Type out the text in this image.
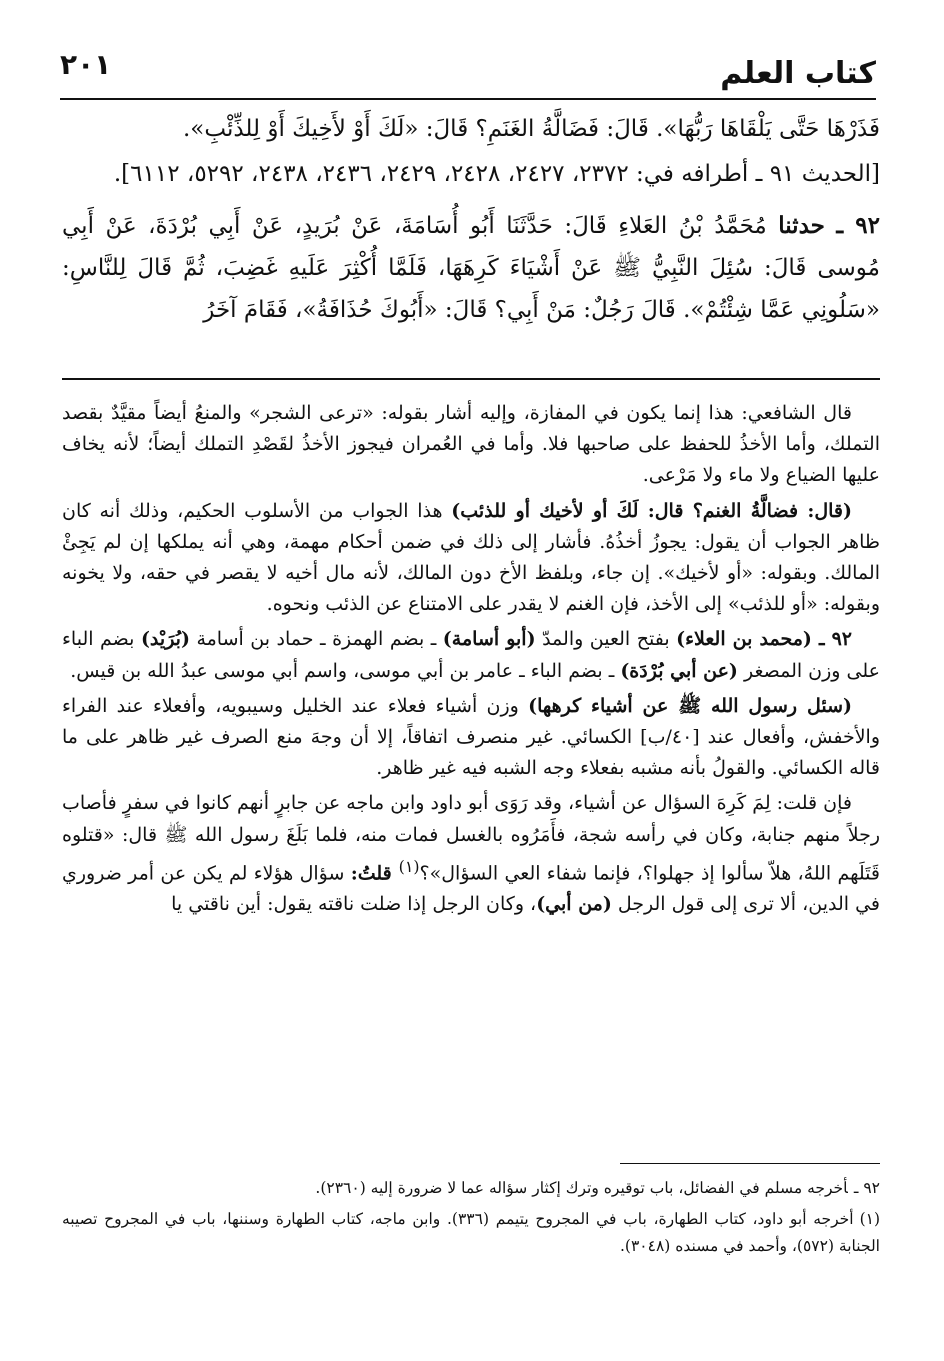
كتاب العلم
٢٠١

فَذَرْهَا حَتَّى يَلْقَاهَا رَبُّهَا». قَالَ: فَضَالَّةُ الغَنَمِ؟ قَالَ: «لَكَ أَوْ لأَخِيكَ أَوْ لِلذِّئْبِ».

[الحديث ٩١ ـ أطرافه في: ٢٣٧٢، ٢٤٢٧، ٢٤٢٨، ٢٤٢٩، ٢٤٣٦، ٢٤٣٨، ٥٢٩٢، ٦١١٢].

٩٢ ـ حدثنا مُحَمَّدُ بْنُ العَلاءِ قَالَ: حَدَّثَنَا أَبُو أُسَامَةَ، عَنْ بُرَيدٍ، عَنْ أَبِي بُرْدَةَ، عَنْ أَبِي مُوسى قَالَ: سُئِلَ النَّبِيُّ ﷺ عَنْ أَشْيَاءَ كَرِهَهَا، فَلَمَّا أُكْثِرَ عَلَيهِ غَضِبَ، ثُمَّ قَالَ لِلنَّاسِ: «سَلُونِي عَمَّا شِئْتُمْ». قَالَ رَجُلٌ: مَنْ أَبِي؟ قَالَ: «أَبُوكَ حُذَافَةُ»، فَقَامَ آخَرُ

قال الشافعي: هذا إنما يكون في المفازة، وإليه أشار بقوله: «ترعى الشجر» والمنعُ أيضاً مقيَّدٌ بقصد التملك، وأما الأخذُ للحفظ على صاحبها فلا. وأما في العُمران فيجوز الأخذُ لقَصْدِ التملك أيضاً؛ لأنه يخاف عليها الضياع ولا ماء ولا مَرْعى.

(قال: فضالَّةُ الغنم؟ قال: لَكَ أو لأخيك أو للذئب) هذا الجواب من الأسلوب الحكيم، وذلك أنه كان ظاهر الجواب أن يقول: يجوزُ أخذُهُ. فأشار إلى ذلك في ضمن أحكام مهمة، وهي أنه يملكها إن لم يَجِئْ المالك. وبقوله: «أو لأخيك». إن جاء، وبلفظ الأخ دون المالك، لأنه مال أخيه لا يقصر في حقه، ولا يخونه وبقوله: «أو للذئب» إلى الأخذ، فإن الغنم لا يقدر على الامتناع عن الذئب ونحوه.

٩٢ ـ (محمد بن العلاء) بفتح العين والمدّ (أبو أسامة) ـ بضم الهمزة ـ حماد بن أسامة (بُرَيْد) بضم الباء على وزن المصغر (عن أبي بُرْدَة) ـ بضم الباء ـ عامر بن أبي موسى، واسم أبي موسى عبدُ الله بن قيس.

(سئل رسول الله ﷺ عن أشياء كرهها) وزن أشياء فعلاء عند الخليل وسيبويه، وأفعلاء عند الفراء والأخفش، وأفعال عند [٤٠/ب] الكسائي. غير منصرف اتفاقاً، إلا أن وجهَ منع الصرف غير ظاهر على ما قاله الكسائي. والقولُ بأنه مشبه بفعلاء وجه الشبه فيه غير ظاهر.

فإن قلت: لِمَ كَرِهَ السؤال عن أشياء، وقد رَوَى أبو داود وابن ماجه عن جابرٍ أنهم كانوا في سفرٍ فأصاب رجلاً منهم جنابة، وكان في رأسه شجة، فأَمَرُوه بالغسل فمات منه، فلما بَلَغَ رسول الله ﷺ قال: «قتلوه قَتَلَهم اللهُ، هلاّ سألوا إذ جهلوا؟، فإنما شفاء العي السؤال»؟$^{(١)}$ قلتُ: سؤال هؤلاء لم يكن عن أمر ضروري في الدين، ألا ترى إلى قول الرجل (من أبي)، وكان الرجل إذا ضلت ناقته يقول: أين ناقتي يا

٩٢ ـأخرجه مسلم في الفضائل، باب توقيره وترك إكثار سؤاله عما لا ضرورة إليه (٢٣٦٠).

(١)أخرجه أبو داود، كتاب الطهارة، باب في المجروح يتيمم (٣٣٦). وابن ماجه، كتاب الطهارة وسننها، باب في المجروح تصيبه الجنابة (٥٧٢)، وأحمد في مسنده (٣٠٤٨).
